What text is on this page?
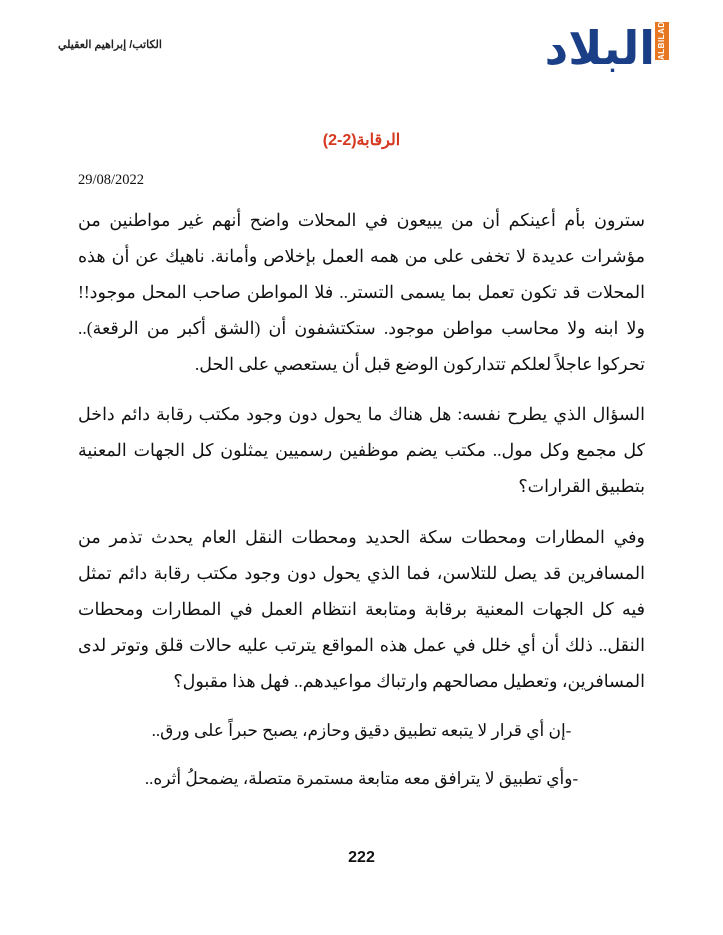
البلاد ALBILAD
الكاتب/ إبراهيم العقيلي
الرقابة(2-2)
29/08/2022

سترون بأم أعينكم أن من يبيعون في المحلات واضح أنهم غير مواطنين من مؤشرات عديدة لا تخفى على من همه العمل بإخلاص وأمانة. ناهيك عن أن هذه المحلات قد تكون تعمل بما يسمى التستر.. فلا المواطن صاحب المحل موجود!! ولا ابنه ولا محاسب مواطن موجود. ستكتشفون أن (الشق أكبر من الرقعة).. تحركوا عاجلاً لعلكم تتداركون الوضع قبل أن يستعصي على الحل.

السؤال الذي يطرح نفسه: هل هناك ما يحول دون وجود مكتب رقابة دائم داخل كل مجمع وكل مول.. مكتب يضم موظفين رسميين يمثلون كل الجهات المعنية بتطبيق القرارات؟

وفي المطارات ومحطات سكة الحديد ومحطات النقل العام يحدث تذمر من المسافرين قد يصل للتلاسن، فما الذي يحول دون وجود مكتب رقابة دائم تمثل فيه كل الجهات المعنية برقابة ومتابعة انتظام العمل في المطارات ومحطات النقل.. ذلك أن أي خلل في عمل هذه المواقع يترتب عليه حالات قلق وتوتر لدى المسافرين، وتعطيل مصالحهم وارتباك مواعيدهم.. فهل هذا مقبول؟

-إن أي قرار لا يتبعه تطبيق دقيق وحازم، يصبح حبراً على ورق..

-وأي تطبيق لا يترافق معه متابعة مستمرة متصلة، يضمحلُ أثره..

222
